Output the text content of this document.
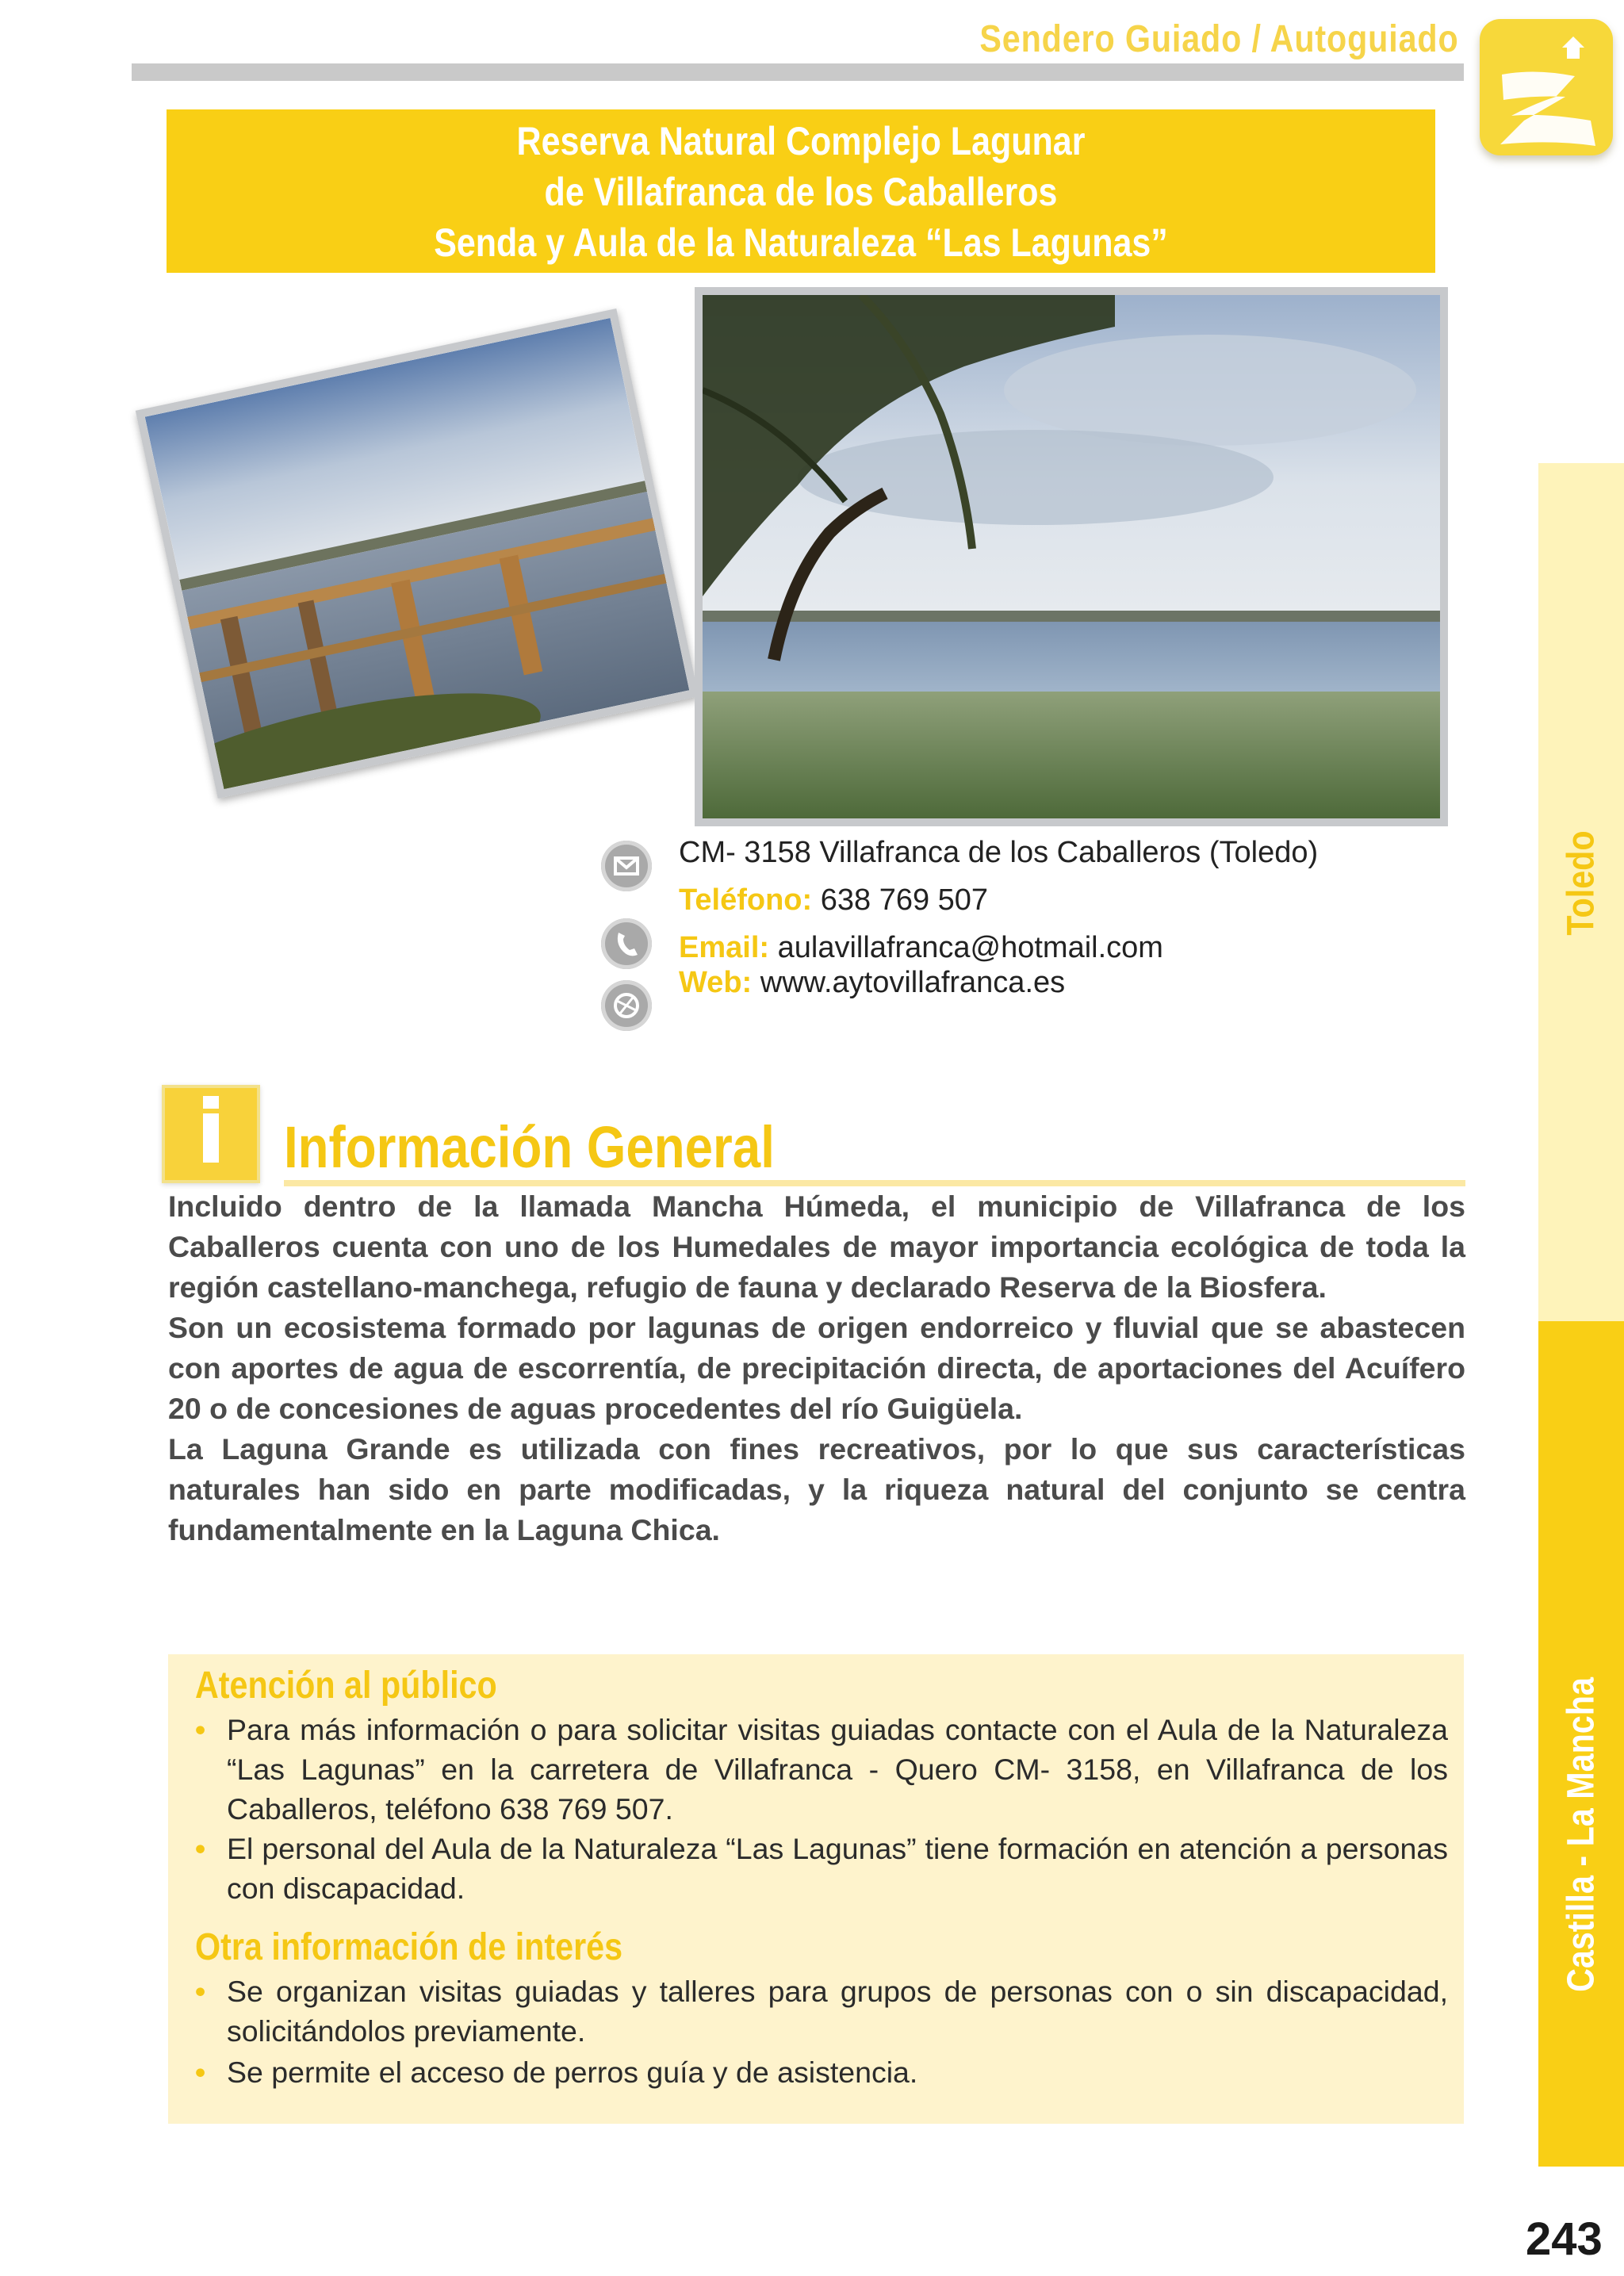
Sendero Guiado / Autoguiado
Reserva Natural Complejo Lagunar
de Villafranca de los Caballeros
Senda y Aula de la Naturaleza “Las Lagunas”
CM- 3158 Villafranca de los Caballeros (Toledo)
Teléfono: 638 769 507
Email: aulavillafranca@hotmail.com
Web: www.aytovillafranca.es
Información General

Incluido dentro de la llamada Mancha Húmeda, el municipio de Villafranca de los Caballeros cuenta con uno de los Humedales de mayor importancia ecológica de toda la región castellano-manchega, refugio de fauna y declarado Reserva de la Biosfera.

Son un ecosistema formado por lagunas de origen endorreico y fluvial que se abastecen con aportes de agua de escorrentía, de precipitación directa, de aportaciones del Acuífero 20 o de concesiones de aguas procedentes del río Guigüela.

La Laguna Grande es utilizada con fines recreativos, por lo que sus características naturales han sido en parte modificadas, y la riqueza natural del conjunto se centra fundamentalmente en la Laguna Chica.

Atención al público
• Para más información o para solicitar visitas guiadas contacte con el Aula de la Naturaleza “Las Lagunas” en la carretera de Villafranca - Quero CM- 3158, en Villafranca de los Caballeros, teléfono 638 769 507.
• El personal del Aula de la Naturaleza “Las Lagunas” tiene formación en atención a personas con discapacidad.
Otra información de interés
• Se organizan visitas guiadas y talleres para grupos de personas con o sin discapacidad, solicitándolos previamente.
• Se permite el acceso de perros guía y de asistencia.
Toledo
Castilla - La Mancha
243
